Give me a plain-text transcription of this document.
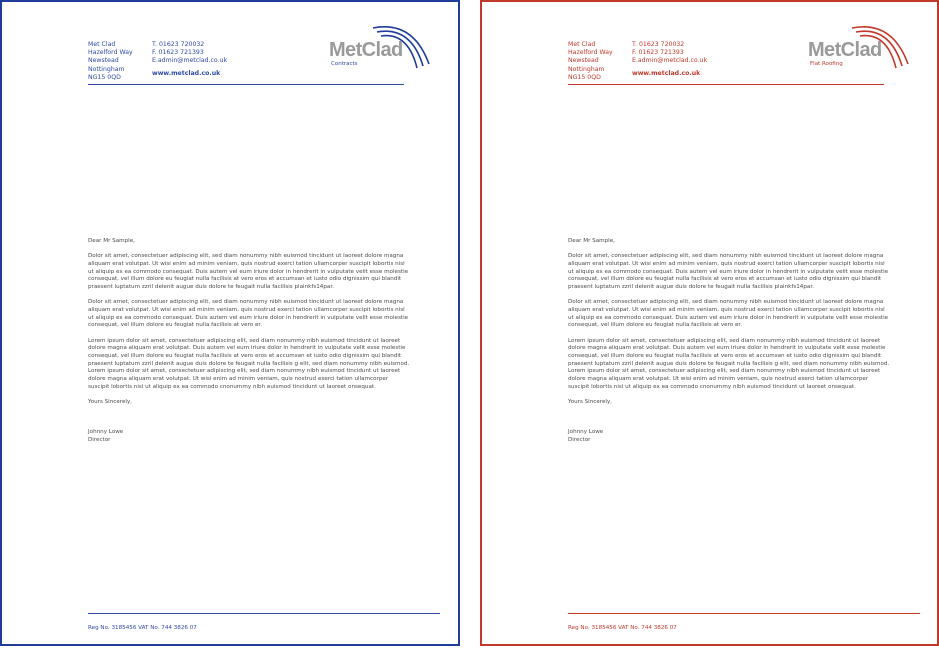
Met Clad
Hazelford Way
Newstead
Nottingham
NG15 0QD
T. 01623 720032
F. 01623 721393
E.admin@metclad.co.uk
www.metclad.co.uk
MetClad
Contracts

Dear Mr Sample,

Dolor sit amet, consectetuer adipiscing elit, sed diam nonummy nibh euismod tincidunt ut laoreet dolore magna aliquam erat volutpat. Ut wisi enim ad minim veniam, quis nostrud exerci tation ullamcorper suscipit lobortis nisl ut aliquip ex ea commodo consequat. Duis autem vel eum iriure dolor in hendrerit in vulputate velit esse molestie consequat, vel illum dolore eu feugiat nulla facilisis at vero eros et accumsan et iusto odio dignissim qui blandit praesent luptatum zzril delenit augue duis dolore te feugait nulla facilisis plainkfs14par.

Dolor sit amet, consectetuer adipiscing elit, sed diam nonummy nibh euismod tincidunt ut laoreet dolore magna aliquam erat volutpat. Ut wisi enim ad minim veniam, quis nostrud exerci tation ullamcorper suscipit lobortis nisl ut aliquip ex ea commodo consequat. Duis autem vel eum iriure dolor in hendrerit in vulputate velit esse molestie consequat, vel illum dolore eu feugiat nulla facilisis at vero er.

Lorem ipsum dolor sit amet, consectetuer adipiscing elit, sed diam nonummy nibh euismod tincidunt ut laoreet dolore magna aliquam erat volutpat. Duis autem vel eum iriure dolor in hendrerit in vulputate velit esse molestie consequat, vel illum dolore eu feugiat nulla facilisis at vero eros et accumsan et iusto odio dignissim qui blandit praesent luptatum zzril delenit augue duis dolore te feugait nulla facilisis g elit, sed diam nonummy nibh euismod. Lorem ipsum dolor sit amet, consectetuer adipiscing elit, sed diam nonummy nibh euismod tincidunt ut laoreet dolore magna aliquam erat volutpat. Ut wisi enim ad minim veniam, quis nostrud exerci tation ullamcorper suscipit lobortis nisl ut aliquip ex ea commodo cnonummy nibh euismod tincidunt ut laoreet onsequat.

Yours Sincerely,

Johnny Lowe
Director
Reg No. 3185456 VAT No. 744 3826 07
Met Clad
Hazelford Way
Newstead
Nottingham
NG15 0QD
T. 01623 720032
F. 01623 721393
E.admin@metclad.co.uk
www.metclad.co.uk
MetClad
Flat Roofing

Dear Mr Sample,

Dolor sit amet, consectetuer adipiscing elit, sed diam nonummy nibh euismod tincidunt ut laoreet dolore magna aliquam erat volutpat. Ut wisi enim ad minim veniam, quis nostrud exerci tation ullamcorper suscipit lobortis nisl ut aliquip ex ea commodo consequat. Duis autem vel eum iriure dolor in hendrerit in vulputate velit esse molestie consequat, vel illum dolore eu feugiat nulla facilisis at vero eros et accumsan et iusto odio dignissim qui blandit praesent luptatum zzril delenit augue duis dolore te feugait nulla facilisis plainkfs14par.

Dolor sit amet, consectetuer adipiscing elit, sed diam nonummy nibh euismod tincidunt ut laoreet dolore magna aliquam erat volutpat. Ut wisi enim ad minim veniam, quis nostrud exerci tation ullamcorper suscipit lobortis nisl ut aliquip ex ea commodo consequat. Duis autem vel eum iriure dolor in hendrerit in vulputate velit esse molestie consequat, vel illum dolore eu feugiat nulla facilisis at vero er.

Lorem ipsum dolor sit amet, consectetuer adipiscing elit, sed diam nonummy nibh euismod tincidunt ut laoreet dolore magna aliquam erat volutpat. Duis autem vel eum iriure dolor in hendrerit in vulputate velit esse molestie consequat, vel illum dolore eu feugiat nulla facilisis at vero eros et accumsan et iusto odio dignissim qui blandit praesent luptatum zzril delenit augue duis dolore te feugait nulla facilisis g elit, sed diam nonummy nibh euismod. Lorem ipsum dolor sit amet, consectetuer adipiscing elit, sed diam nonummy nibh euismod tincidunt ut laoreet dolore magna aliquam erat volutpat. Ut wisi enim ad minim veniam, quis nostrud exerci tation ullamcorper suscipit lobortis nisl ut aliquip ex ea commodo cnonummy nibh euismod tincidunt ut laoreet onsequat.

Yours Sincerely,

Johnny Lowe
Director
Reg No. 3185456 VAT No. 744 3826 07
